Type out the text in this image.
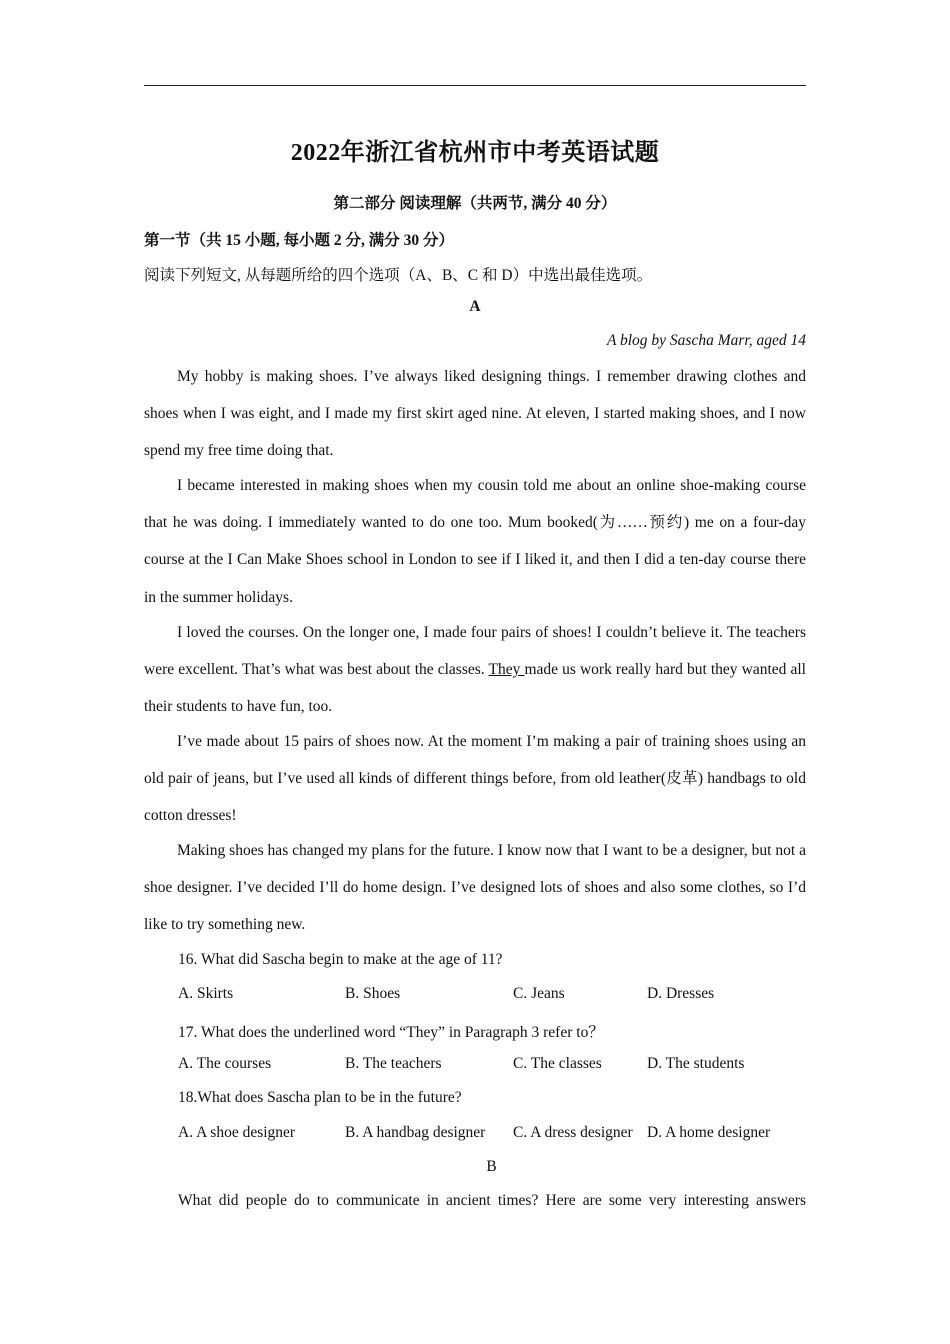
2022年浙江省杭州市中考英语试题
第二部分 阅读理解（共两节, 满分 40 分）
第一节（共 15 小题, 每小题 2 分, 满分 30 分）
阅读下列短文, 从每题所给的四个选项（A、B、C 和 D）中选出最佳选项。
A
A blog by Sascha Marr, aged 14

My hobby is making shoes. I’ve always liked designing things. I remember drawing clothes and shoes when I was eight, and I made my first skirt aged nine. At eleven, I started making shoes, and I now spend my free time doing that.

I became interested in making shoes when my cousin told me about an online shoe-making course that he was doing. I immediately wanted to do one too. Mum booked(为……预约) me on a four-day course at the I Can Make Shoes school in London to see if I liked it, and then I did a ten-day course there in the summer holidays.

I loved the courses. On the longer one, I made four pairs of shoes! I couldn’t believe it. The teachers were excellent. That’s what was best about the classes. They made us work really hard but they wanted all their students to have fun, too.

I’ve made about 15 pairs of shoes now. At the moment I’m making a pair of training shoes using an old pair of jeans, but I’ve used all kinds of different things before, from old leather(皮革) handbags to old cotton dresses!

Making shoes has changed my plans for the future. I know now that I want to be a designer, but not a shoe designer. I’ve decided I’ll do home design. I’ve designed lots of shoes and also some clothes, so I’d like to try something new.

16. What did Sascha begin to make at the age of 11?
A. Skirts	B. Shoes	C. Jeans	D. Dresses
17. What does the underlined word “They” in Paragraph 3 refer to？
A. The courses	B. The teachers	C. The classes	D. The students
18.What does Sascha plan to be in the future?
A. A shoe designer	B. A handbag designer C. A dress designer D. A home designer
B
What did people do to communicate in ancient times? Here are some very interesting answers
